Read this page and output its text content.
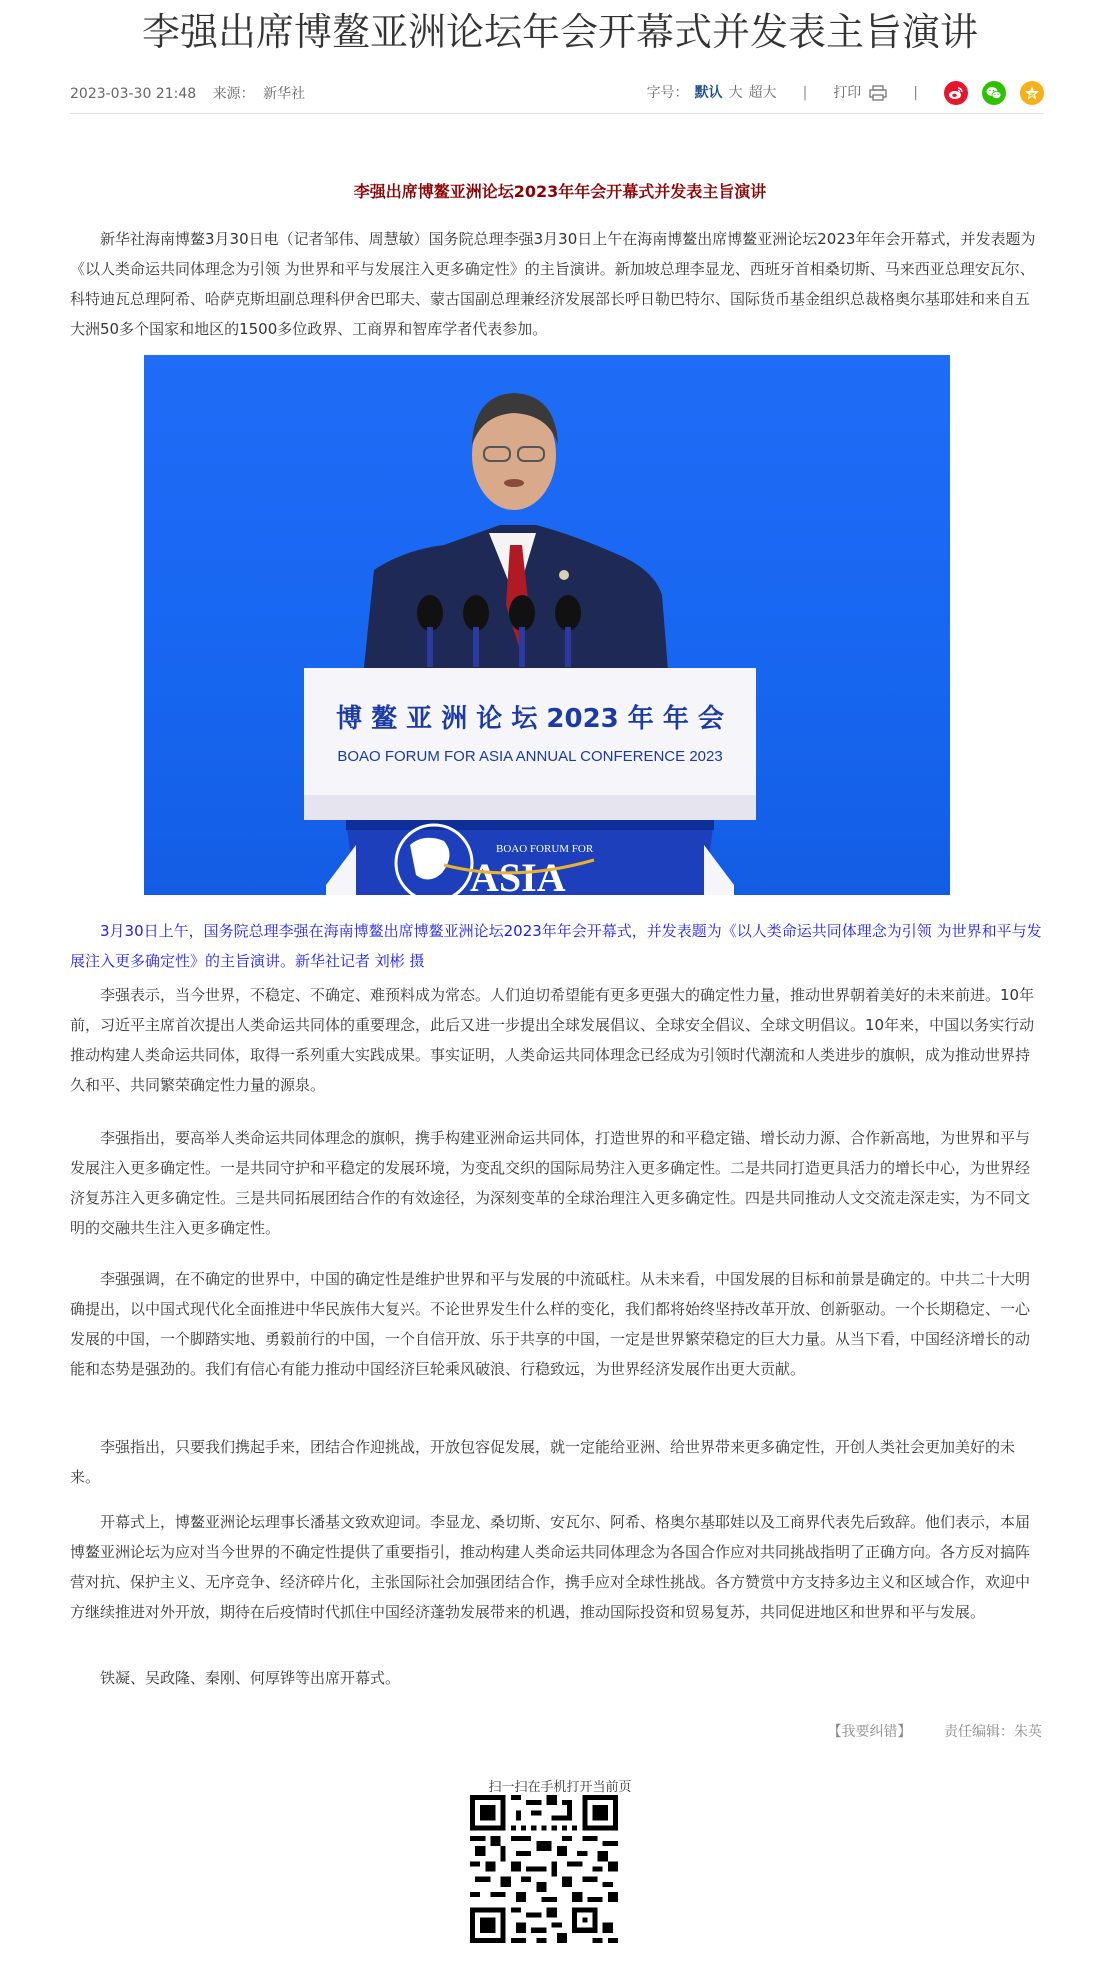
李强出席博鳌亚洲论坛年会开幕式并发表主旨演讲
2023-03-30 21:48 来源： 新华社	字号： 默认 大 超大 | 打印	|
李强出席博鳌亚洲论坛2023年年会开幕式并发表主旨演讲

新华社海南博鳌3月30日电（记者邹伟、周慧敏）国务院总理李强3月30日上午在海南博鳌出席博鳌亚洲论坛2023年年会开幕式，并发表题为《以人类命运共同体理念为引领 为世界和平与发展注入更多确定性》的主旨演讲。新加坡总理李显龙、西班牙首相桑切斯、马来西亚总理安瓦尔、科特迪瓦总理阿希、哈萨克斯坦副总理科伊舍巴耶夫、蒙古国副总理兼经济发展部长呼日勒巴特尔、国际货币基金组织总裁格奥尔基耶娃和来自五大洲50多个国家和地区的1500多位政界、工商界和智库学者代表参加。

博 鳌 亚 洲 论 坛 2023 年 年 会
BOAO FORUM FOR ASIA ANNUAL CONFERENCE 2023
BOAO FORUM FOR
ASIA

3月30日上午，国务院总理李强在海南博鳌出席博鳌亚洲论坛2023年年会开幕式，并发表题为《以人类命运共同体理念为引领 为世界和平与发展注入更多确定性》的主旨演讲。新华社记者 刘彬 摄

李强表示，当今世界，不稳定、不确定、难预料成为常态。人们迫切希望能有更多更强大的确定性力量，推动世界朝着美好的未来前进。10年前，习近平主席首次提出人类命运共同体的重要理念，此后又进一步提出全球发展倡议、全球安全倡议、全球文明倡议。10年来，中国以务实行动推动构建人类命运共同体，取得一系列重大实践成果。事实证明，人类命运共同体理念已经成为引领时代潮流和人类进步的旗帜，成为推动世界持久和平、共同繁荣确定性力量的源泉。

李强指出，要高举人类命运共同体理念的旗帜，携手构建亚洲命运共同体，打造世界的和平稳定锚、增长动力源、合作新高地，为世界和平与发展注入更多确定性。一是共同守护和平稳定的发展环境，为变乱交织的国际局势注入更多确定性。二是共同打造更具活力的增长中心，为世界经济复苏注入更多确定性。三是共同拓展团结合作的有效途径，为深刻变革的全球治理注入更多确定性。四是共同推动人文交流走深走实，为不同文明的交融共生注入更多确定性。

李强强调，在不确定的世界中，中国的确定性是维护世界和平与发展的中流砥柱。从未来看，中国发展的目标和前景是确定的。中共二十大明确提出，以中国式现代化全面推进中华民族伟大复兴。不论世界发生什么样的变化，我们都将始终坚持改革开放、创新驱动。一个长期稳定、一心发展的中国，一个脚踏实地、勇毅前行的中国，一个自信开放、乐于共享的中国，一定是世界繁荣稳定的巨大力量。从当下看，中国经济增长的动能和态势是强劲的。我们有信心有能力推动中国经济巨轮乘风破浪、行稳致远，为世界经济发展作出更大贡献。

李强指出，只要我们携起手来，团结合作迎挑战，开放包容促发展，就一定能给亚洲、给世界带来更多确定性，开创人类社会更加美好的未来。

开幕式上，博鳌亚洲论坛理事长潘基文致欢迎词。李显龙、桑切斯、安瓦尔、阿希、格奥尔基耶娃以及工商界代表先后致辞。他们表示，本届博鳌亚洲论坛为应对当今世界的不确定性提供了重要指引，推动构建人类命运共同体理念为各国合作应对共同挑战指明了正确方向。各方反对搞阵营对抗、保护主义、无序竞争、经济碎片化，主张国际社会加强团结合作，携手应对全球性挑战。各方赞赏中方支持多边主义和区域合作，欢迎中方继续推进对外开放，期待在后疫情时代抓住中国经济蓬勃发展带来的机遇，推动国际投资和贸易复苏，共同促进地区和世界和平与发展。

铁凝、吴政隆、秦刚、何厚铧等出席开幕式。

【我要纠错】 责任编辑：朱英
扫一扫在手机打开当前页
